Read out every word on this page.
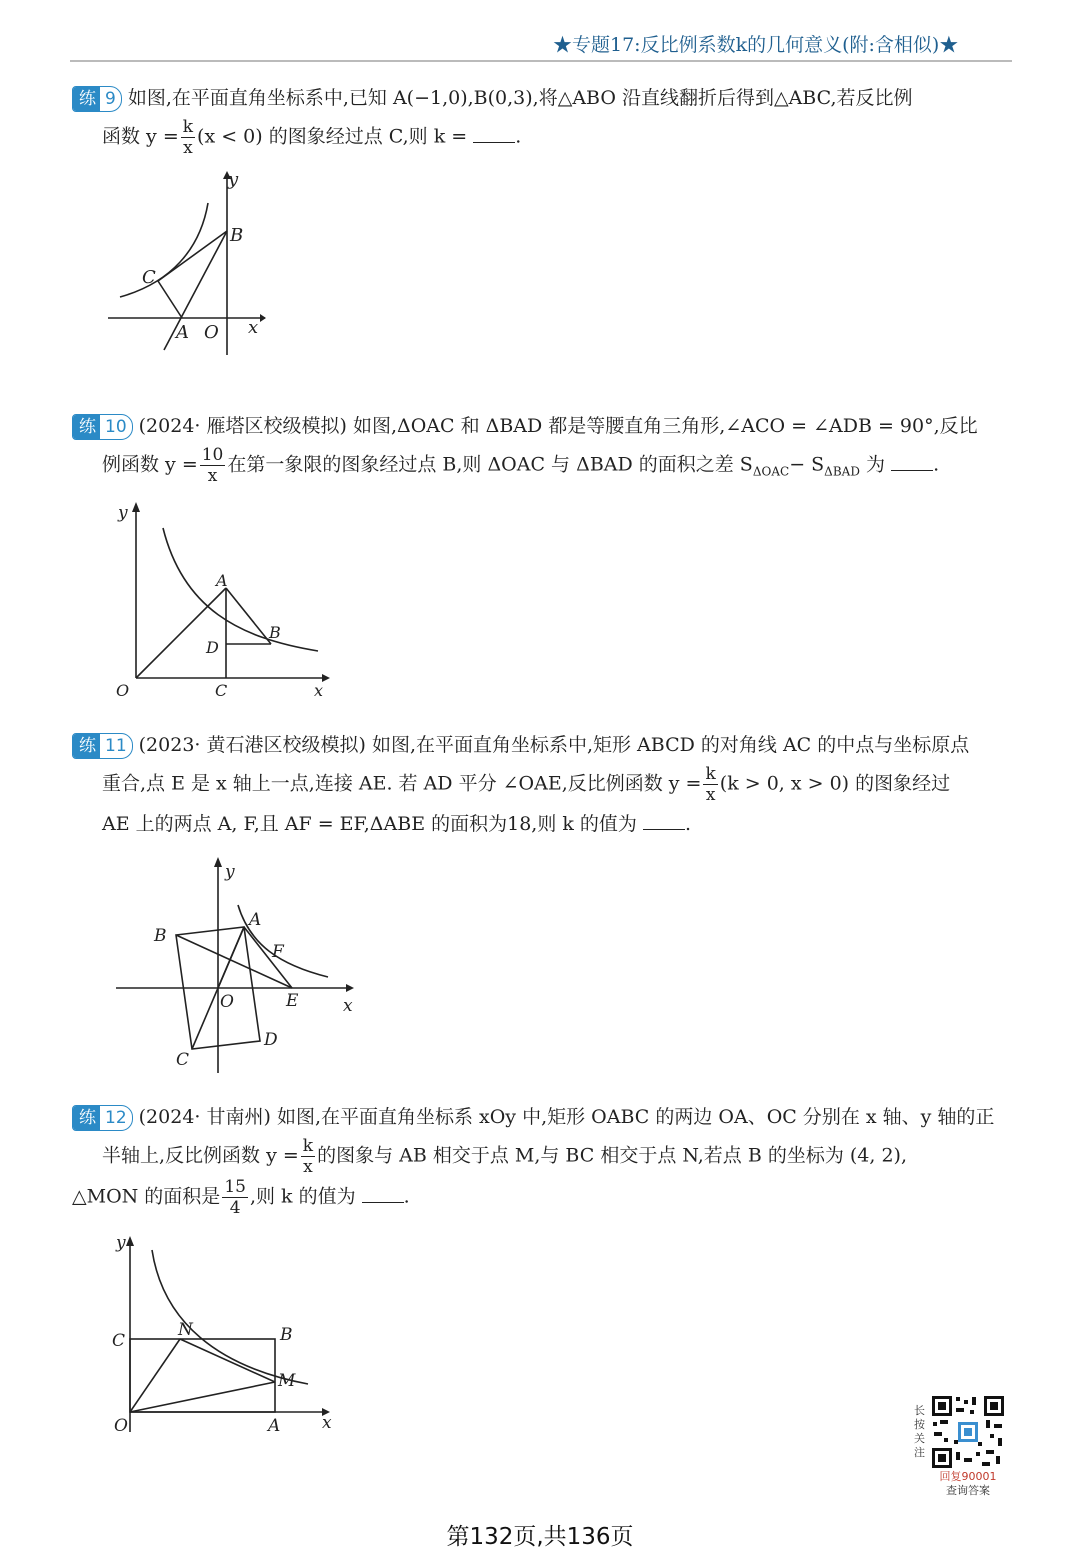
★专题17:反比例系数k的几何意义(附:含相似)★

练 9 如图,在平面直角坐标系中,已知 A(−1,0),B(0,3),将△ABO 沿直线翻折后得到△ABC,若反比例

函数 $y = \frac{k}{x} (x < 0)$ 的图象经过点 C,则 k =	.

C
B
A O x
y

练 10 (2024· 雁塔区校级模拟) 如图,ΔOAC 和 ΔBAD 都是等腰直角三角形,∠ACO = ∠ADB = 90°,反比

例函数 $y = \frac{10}{x}$ 在第一象限的图象经过点 B,则 ΔOAC 与 ΔBAD 的面积之差 $S_{\Delta OAC}- S_{\Delta BAD}$ 为	.

y
A
D
B
O	C	x

练 11 (2023· 黄石港区校级模拟) 如图,在平面直角坐标系中,矩形 ABCD 的对角线 AC 的中点与坐标原点

重合,点 E 是 x 轴上一点,连接 AE. 若 AD 平分 ∠OAE,反比例函数 $y = \frac{k}{x} (k > 0$, x > 0) 的图象经过

AE 上的两点 A, F,且 AF = EF,ΔABE 的面积为18,则 k 的值为	.

y
A
B
F
O	E	x
C
D

练 12 (2024· 甘南州) 如图,在平面直角坐标系 xOy 中,矩形 OABC 的两边 OA、OC 分别在 x 轴、y 轴的正

半轴上,反比例函数 $y = \frac{k}{x}$ 的图象与 AB 相交于点 M,与 BC 相交于点 N,若点 B 的坐标为 (4, 2),

△MON 的面积是 $\frac{15}{4}$ ,则 k 的值为	.

y
C
N	B
M
O	A x
长按关注
回复90001
查询答案
第132页,共136页
